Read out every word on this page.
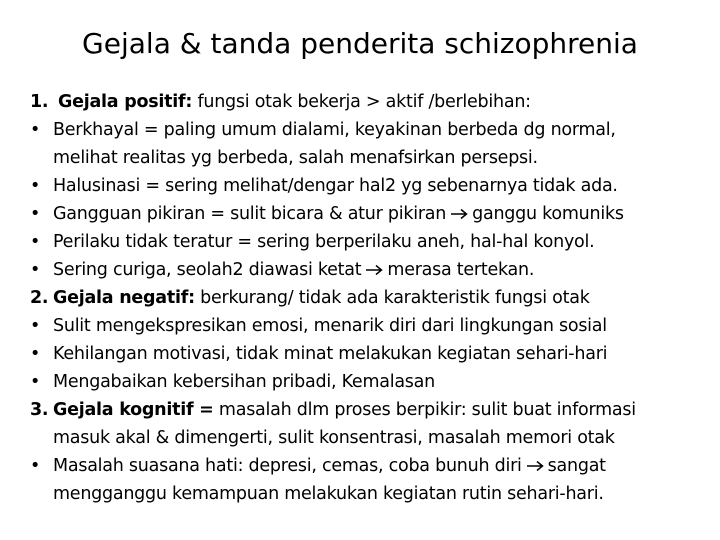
Gejala & tanda penderita schizophrenia
1. Gejala positif: fungsi otak bekerja > aktif /berlebihan:
• Berkhayal = paling umum dialami, keyakinan berbeda dg normal,
melihat realitas yg berbeda, salah menafsirkan persepsi.
• Halusinasi = sering melihat/dengar hal2 yg sebenarnya tidak ada.
• Gangguan pikiran = sulit bicara & atur pikiran ganggu komuniks
• Perilaku tidak teratur = sering berperilaku aneh, hal-hal konyol.
• Sering curiga, seolah2 diawasi ketat merasa tertekan.
2. Gejala negatif: berkurang/ tidak ada karakteristik fungsi otak
• Sulit mengekspresikan emosi, menarik diri dari lingkungan sosial
• Kehilangan motivasi, tidak minat melakukan kegiatan sehari-hari
• Mengabaikan kebersihan pribadi, Kemalasan
3. Gejala kognitif = masalah dlm proses berpikir: sulit buat informasi
masuk akal & dimengerti, sulit konsentrasi, masalah memori otak
• Masalah suasana hati: depresi, cemas, coba bunuh diri sangat
mengganggu kemampuan melakukan kegiatan rutin sehari-hari.
